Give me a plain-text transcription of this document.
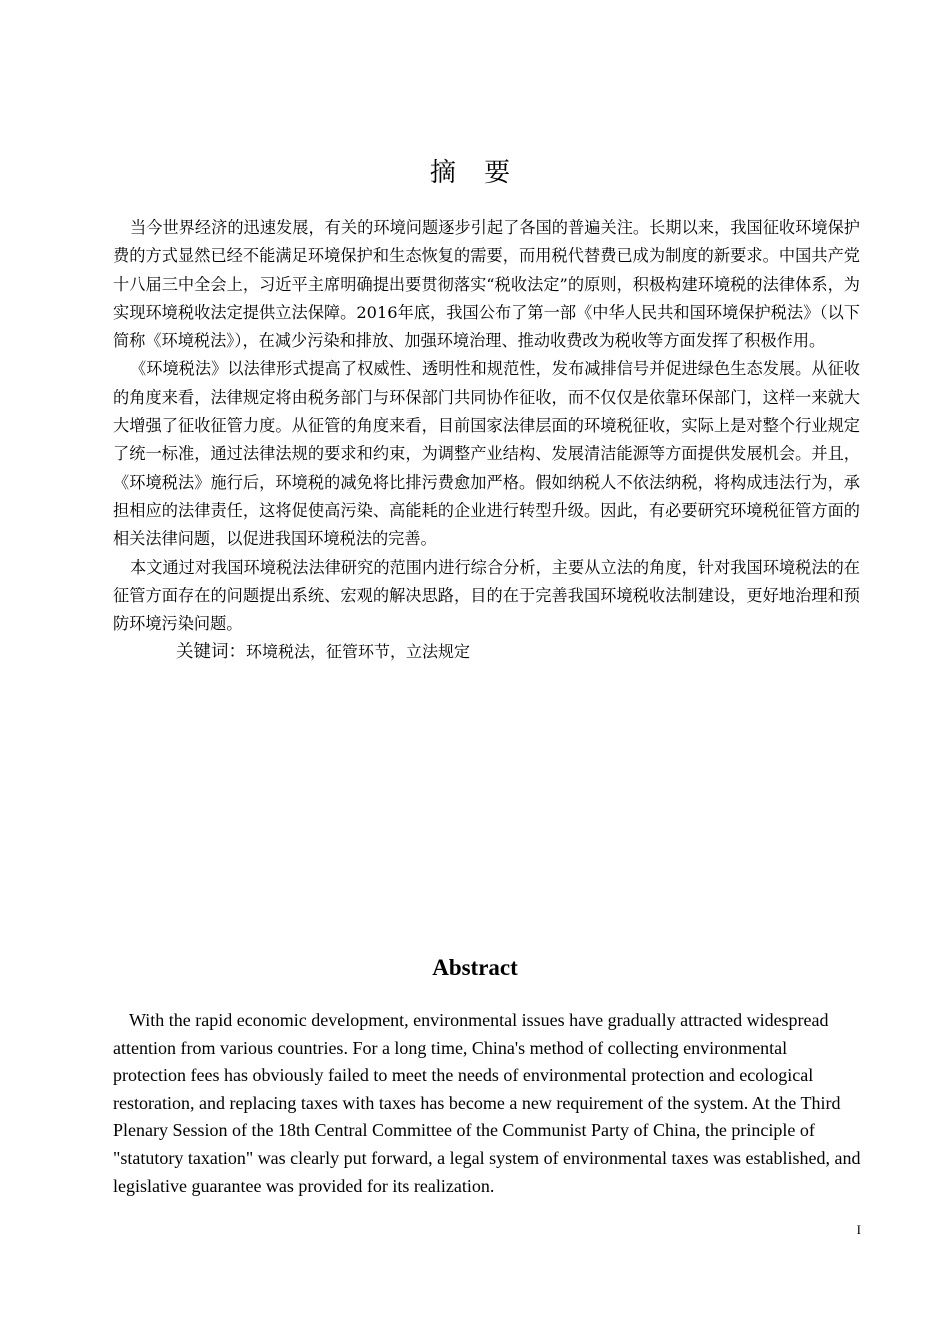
摘 要

当今世界经济的迅速发展，有关的环境问题逐步引起了各国的普遍关注。长期以来，我国征收环境保护费的方式显然已经不能满足环境保护和生态恢复的需要，而用税代替费已成为制度的新要求。中国共产党十八届三中全会上，习近平主席明确提出要贯彻落实“税收法定”的原则，积极构建环境税的法律体系，为实现环境税收法定提供立法保障。2016年底，我国公布了第一部《中华人民共和国环境保护税法》（以下简称《环境税法》），在减少污染和排放、加强环境治理、推动收费改为税收等方面发挥了积极作用。

《环境税法》以法律形式提高了权威性、透明性和规范性，发布减排信号并促进绿色生态发展。从征收的角度来看，法律规定将由税务部门与环保部门共同协作征收，而不仅仅是依靠环保部门，这样一来就大大增强了征收征管力度。从征管的角度来看，目前国家法律层面的环境税征收，实际上是对整个行业规定了统一标准，通过法律法规的要求和约束，为调整产业结构、发展清洁能源等方面提供发展机会。并且，《环境税法》施行后，环境税的减免将比排污费愈加严格。假如纳税人不依法纳税，将构成违法行为，承担相应的法律责任，这将促使高污染、高能耗的企业进行转型升级。因此，有必要研究环境税征管方面的相关法律问题，以促进我国环境税法的完善。

本文通过对我国环境税法法律研究的范围内进行综合分析，主要从立法的角度，针对我国环境税法的在征管方面存在的问题提出系统、宏观的解决思路，目的在于完善我国环境税收法制建设，更好地治理和预防环境污染问题。

关键词：环境税法，征管环节，立法规定

Abstract

With the rapid economic development, environmental issues have gradually attracted widespread attention from various countries. For a long time, China's method of collecting environmental protection fees has obviously failed to meet the needs of environmental protection and ecological restoration, and replacing taxes with taxes has become a new requirement of the system. At the Third Plenary Session of the 18th Central Committee of the Communist Party of China, the principle of "statutory taxation" was clearly put forward, a legal system of environmental taxes was established, and legislative guarantee was provided for its realization.

I
